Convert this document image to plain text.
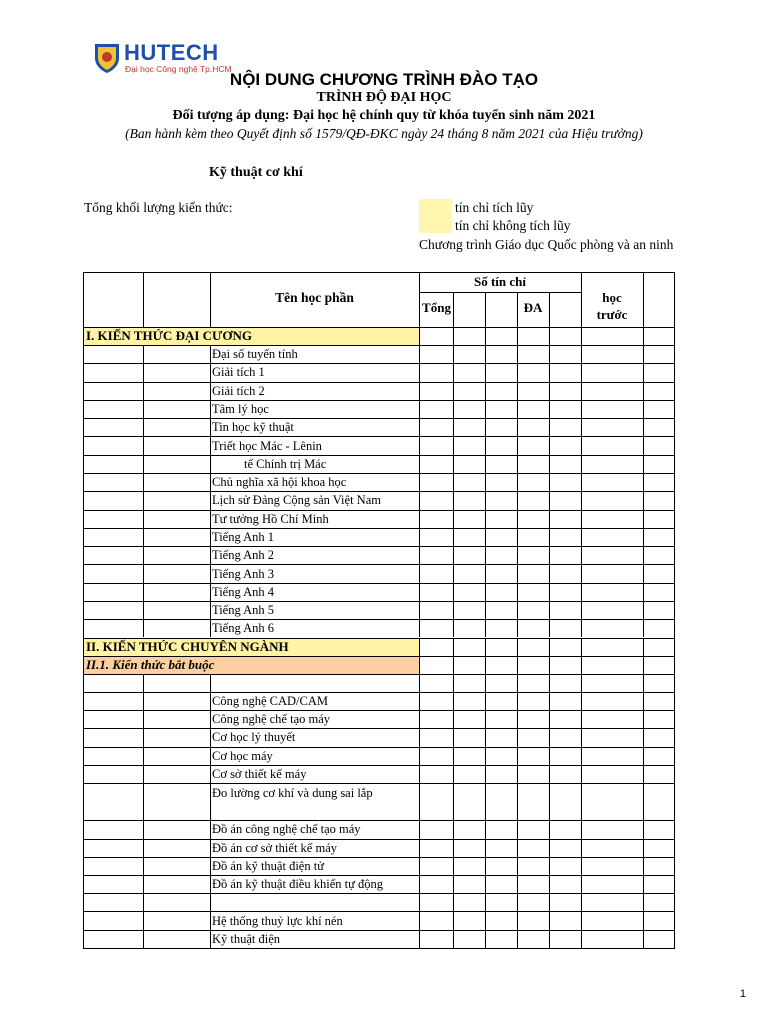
HUTECH
Đại học Công nghệ Tp.HCM
NỘI DUNG CHƯƠNG TRÌNH ĐÀO TẠO
TRÌNH ĐỘ ĐẠI HỌC
Đối tượng áp dụng: Đại học hệ chính quy từ khóa tuyển sinh năm 2021
(Ban hành kèm theo Quyết định số 1579/QĐ-ĐKC ngày 24 tháng 8 năm 2021 của Hiệu trưởng)
Kỹ thuật cơ khí
Tổng khối lượng kiến thức:	tín chỉ tích lũy
tín chỉ không tích lũy
Chương trình Giáo dục Quốc phòng và an ninh
Tên học phần
Số tín chỉ
Tổng	ĐA
học
trước
I. KIẾN THỨC ĐẠI CƯƠNG
Đại số tuyến tính
Giải tích 1
Giải tích 2
Tâm lý học
Tin học kỹ thuật
Triết học Mác - Lênin
tế Chính trị Mác
Chủ nghĩa xã hội khoa học
Lịch sử Đảng Cộng sản Việt Nam
Tư tưởng Hồ Chí Minh
Tiếng Anh 1
Tiếng Anh 2
Tiếng Anh 3
Tiếng Anh 4
Tiếng Anh 5
Tiếng Anh 6
II. KIẾN THỨC CHUYÊN NGÀNH
II.1. Kiến thức bắt buộc
Công nghệ CAD/CAM
Công nghệ chế tạo máy
Cơ học lý thuyết
Cơ học máy
Cơ sở thiết kế máy
Đo lường cơ khí và dung sai lắp
Đồ án công nghệ chế tạo máy
Đồ án cơ sở thiết kế máy
Đồ án kỹ thuật điện tử
Đồ án kỹ thuật điều khiển tự động
Hệ thống thuỷ lực khí nén
Kỹ thuật điện
1
